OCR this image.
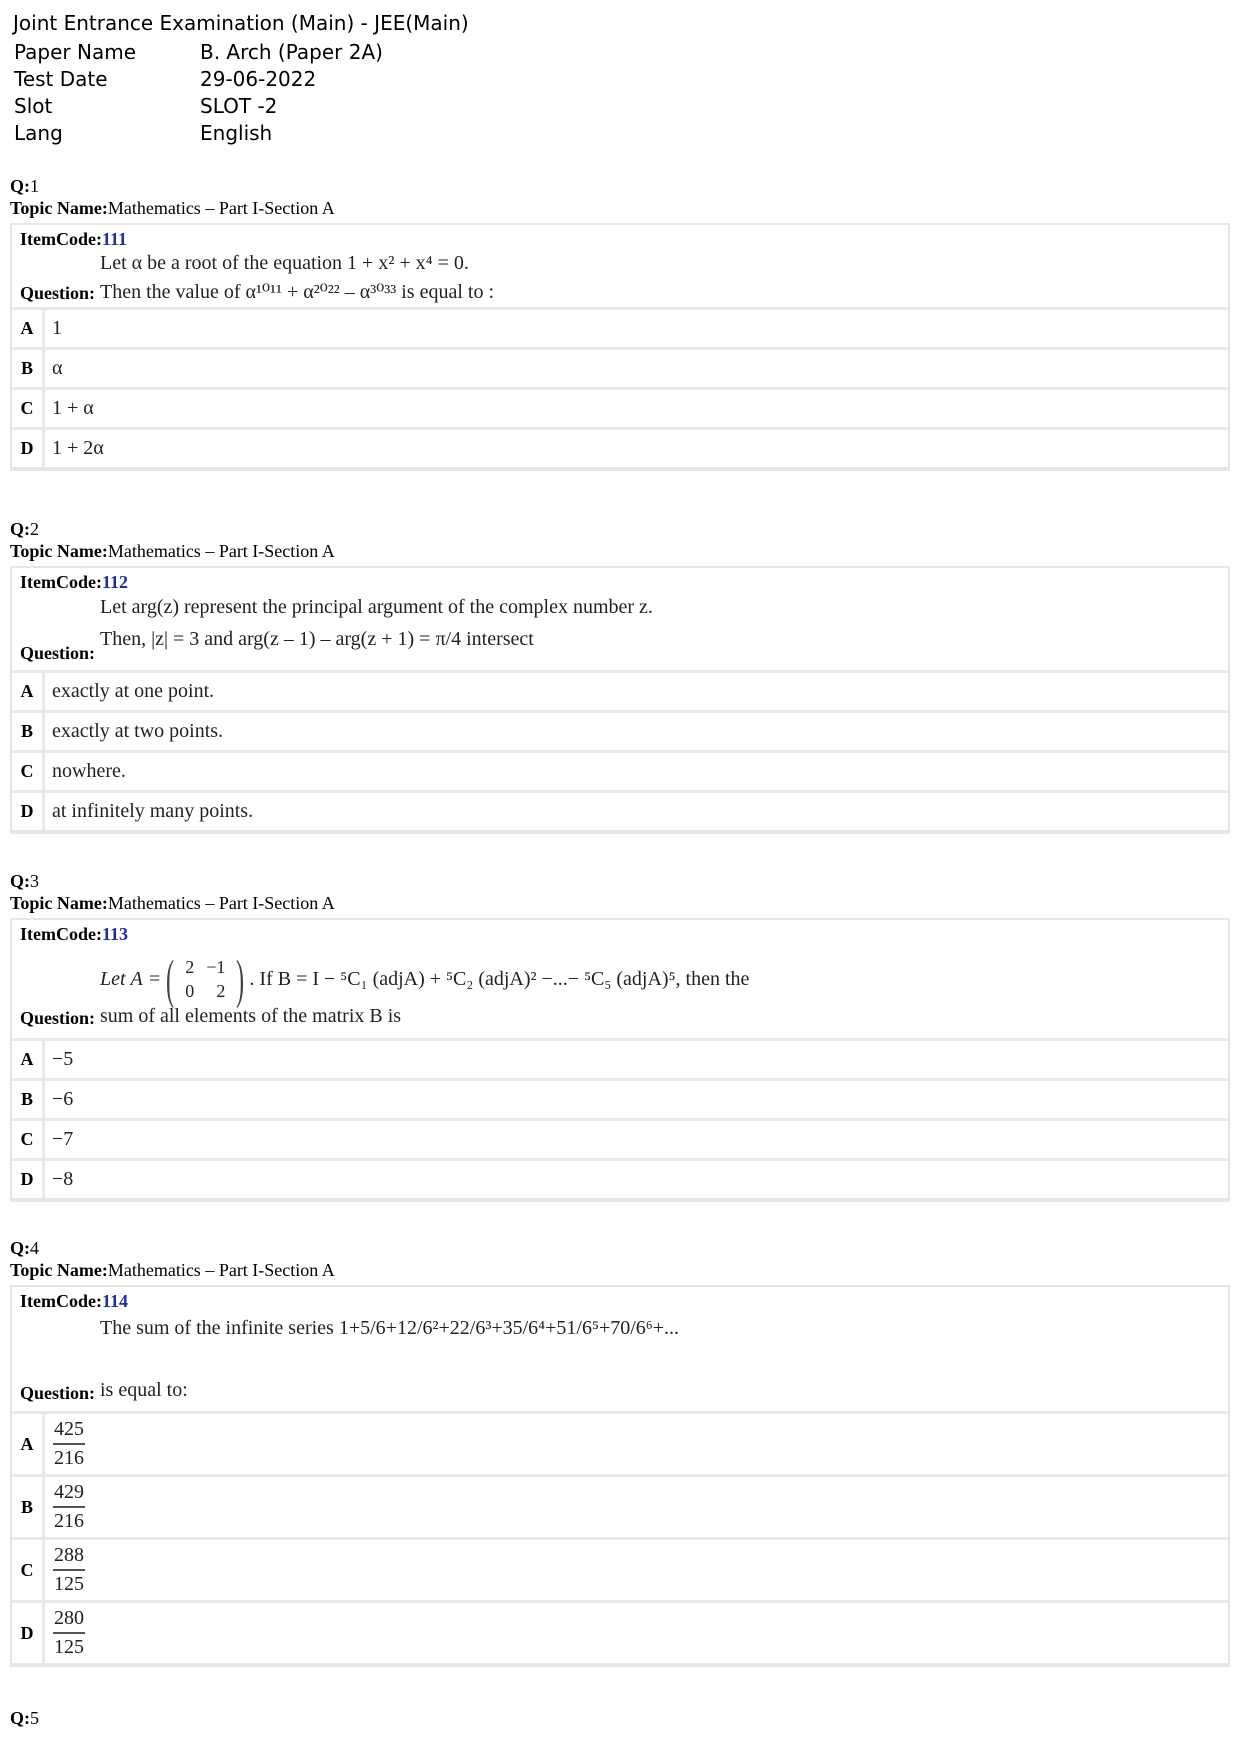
Joint Entrance Examination (Main) - JEE(Main)
Paper Name	B. Arch (Paper 2A)
Test Date	29-06-2022
Slot	SLOT -2
Lang	English
Q:1
Topic Name:Mathematics – Part I-Section A
ItemCode:111
Let α be a root of the equation 1 + x² + x⁴ = 0.
Question: Then the value of α¹⁰¹¹ + α²⁰²² – α³⁰³³ is equal to :
A 1
B α
C 1 + α
D 1 + 2α
Q:2
Topic Name:Mathematics – Part I-Section A
ItemCode:112
Let arg(z) represent the principal argument of the complex number z.
Then, |z| = 3 and arg(z – 1) – arg(z + 1) = π/4 intersect
Question:
A exactly at one point.
B exactly at two points.
C nowhere.
D at infinitely many points.
Q:3
Topic Name:Mathematics – Part I-Section A
ItemCode:113
Let A = ( 2	−1
0	2 ) . If B = I − ⁵C₁ (adjA) + ⁵C₂ (adjA)² −...− ⁵C₅ (adjA)⁵, then the
Question: sum of all elements of the matrix B is
A −5
B −6
C −7
D −8
Q:4
Topic Name:Mathematics – Part I-Section A
ItemCode:114
The sum of the infinite series 1+5/6+12/6²+22/6³+35/6⁴+51/6⁵+70/6⁶+...
Question: is equal to:
A $\frac{425}{216}$
B	$\frac{429}{216}$
C $\frac{288}{125}$
D $\frac{280}{125}$
Q:5
